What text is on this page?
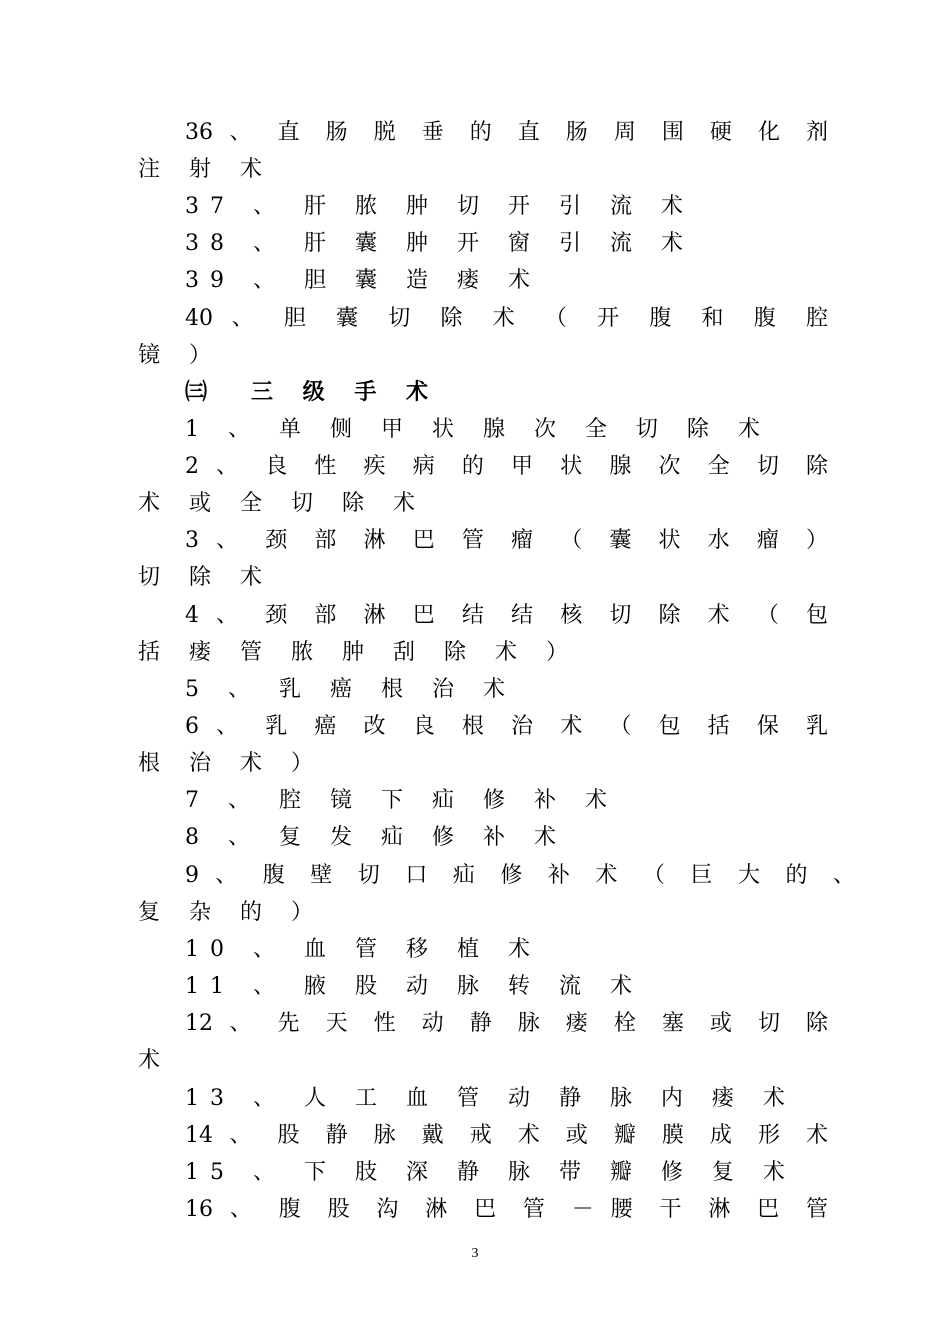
36 、 直 肠 脱 垂 的 直 肠 周 围 硬 化 剂
注 射 术
37 、 肝 脓 肿 切 开 引 流 术
38 、 肝 囊 肿 开 窗 引 流 术
39 、 胆 囊 造 瘘 术
40 、 胆 囊 切 除 术 （ 开 腹 和 腹 腔
镜 ）
㈢　三 级 手 术
1 、 单 侧 甲 状 腺 次 全 切 除 术
2 、 良 性 疾 病 的 甲 状 腺 次 全 切 除
术 或 全 切 除 术
3 、 颈 部 淋 巴 管 瘤 （ 囊 状 水 瘤 ）
切 除 术
4 、 颈 部 淋 巴 结 结 核 切 除 术 （ 包
括 瘘 管 脓 肿 刮 除 术 ）
5 、 乳 癌 根 治 术
6 、 乳 癌 改 良 根 治 术 （ 包 括 保 乳
根 治 术 ）
7 、 腔 镜 下 疝 修 补 术
8 、 复 发 疝 修 补 术
9 、 腹 壁 切 口 疝 修 补 术 （ 巨 大 的 、
复 杂 的 ）
10 、 血 管 移 植 术
11 、 腋 股 动 脉 转 流 术
12 、 先 天 性 动 静 脉 瘘 栓 塞 或 切 除
术
13 、 人 工 血 管 动 静 脉 内 瘘 术
14 、 股 静 脉 戴 戒 术 或 瓣 膜 成 形 术
15 、 下 肢 深 静 脉 带 瓣 修 复 术
16 、 腹 股 沟 淋 巴 管 － 腰 干 淋 巴 管
3
